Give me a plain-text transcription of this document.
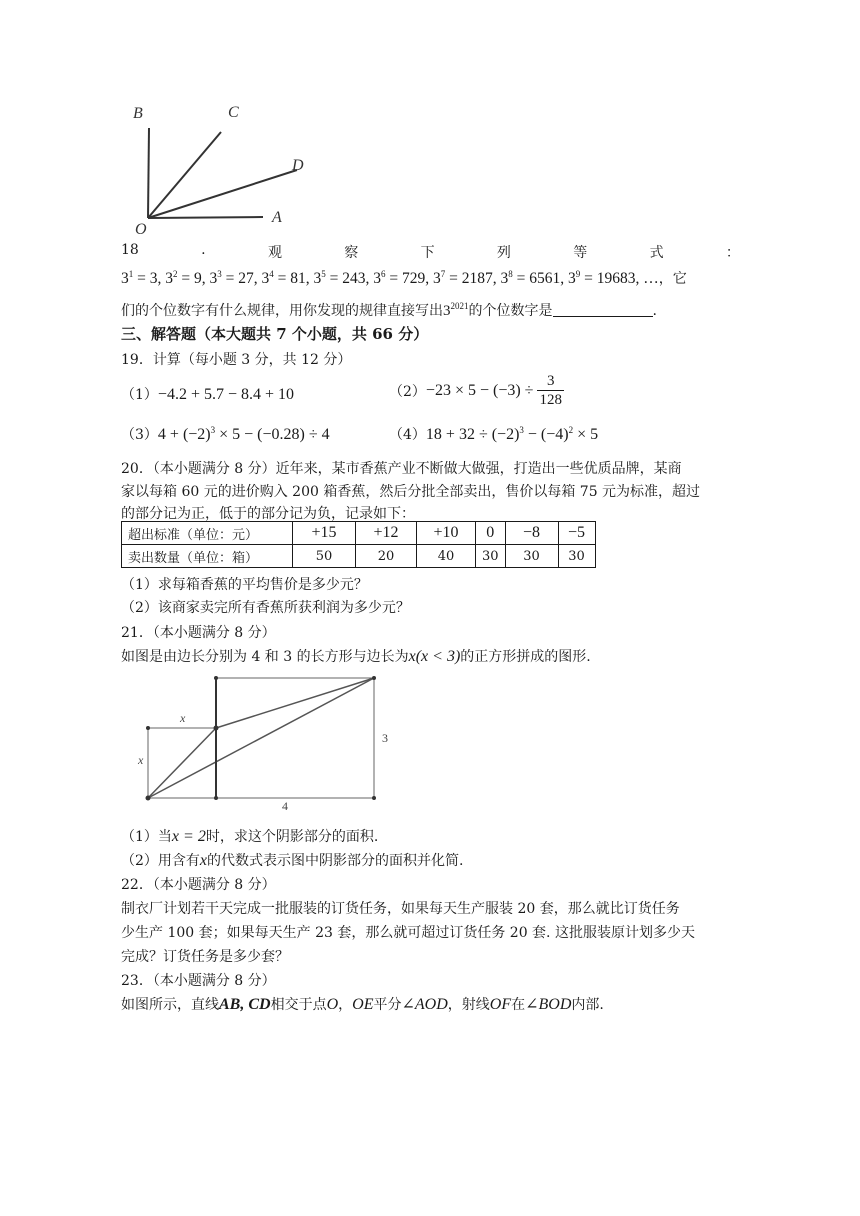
B	C
D
O
A
18	.	观	察	下	列	等	式	：
$3^1 = 3$, $3^2 = 9$, $3^3 = 27$, $3^4 = 81$, $3^5 = 243$, $3^6 = 729$, $3^7 = 2187$, $3^8 = 6561$, $3^9 = 19683$, …，它
们的个位数字有什么规律，用你发现的规律直接写出$3^{2021}$的个位数字是	.
三、解答题（本大题共 7 个小题，共 66 分）
19．计算（每小题 3 分，共 12 分）
（1）−4.2 + 5.7 − 8.4 + 10	$(2) -23 \times 5 - (-3) \div \frac{3}{128}$
$(3)4 + (-2)^3 \times 5 - (-0.28) \div 4$	$(4)18 + 32 \div (-2)^3 - (-4)^2 \times 5$
20．（本小题满分 8 分）近年来，某市香蕉产业不断做大做强，打造出一些优质品牌，某商
家以每箱 60 元的进价购入 200 箱香蕉，然后分批全部卖出，售价以每箱 75 元为标准，超过
的部分记为正，低于的部分记为负，记录如下：
超出标准（单位：元）	+15	+12	+10	0	−8	−5
卖出数量（单位：箱）	50	20	40	30	30	30
（1）求每箱香蕉的平均售价是多少元？
（2）该商家卖完所有香蕉所获利润为多少元？
21．（本小题满分 8 分）
如图是由边长分别为 4 和 3 的长方形与边长为x(x < 3)的正方形拼成的图形.
x
x
3
4
（1）当x = 2时，求这个阴影部分的面积.
（2）用含有x的代数式表示图中阴影部分的面积并化简.
22．（本小题满分 8 分）
制衣厂计划若干天完成一批服装的订货任务，如果每天生产服装 20 套，那么就比订货任务
少生产 100 套；如果每天生产 23 套，那么就可超过订货任务 20 套. 这批服装原计划多少天
完成？订货任务是多少套？
23．（本小题满分 8 分）
如图所示，直线AB, CD相交于点O，OE平分∠AOD，射线OF在∠BOD内部.
